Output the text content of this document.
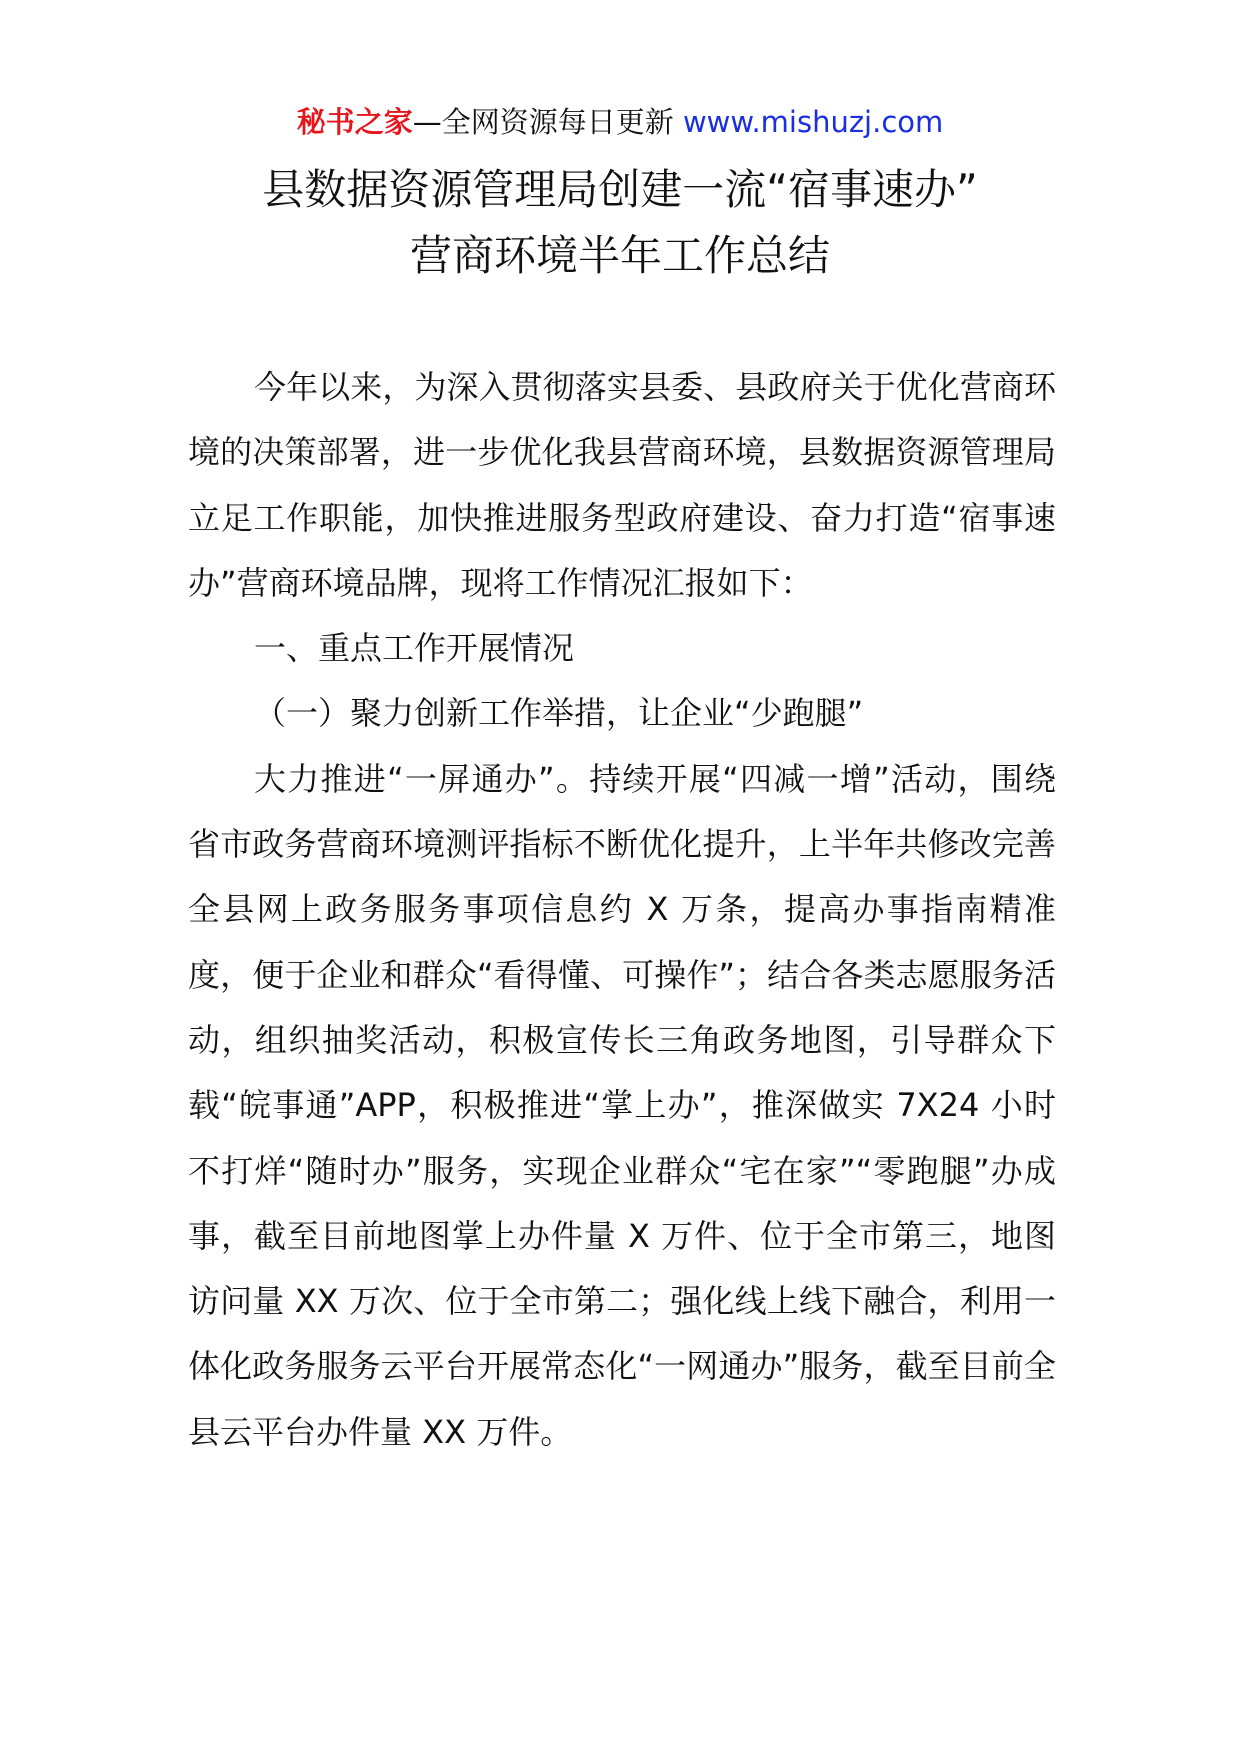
秘书之家—全网资源每日更新 www.mishuzj.com
县数据资源管理局创建一流“宿事速办”
营商环境半年工作总结

今年以来，为深入贯彻落实县委、县政府关于优化营商环境的决策部署，进一步优化我县营商环境，县数据资源管理局立足工作职能，加快推进服务型政府建设、奋力打造“宿事速办”营商环境品牌，现将工作情况汇报如下：

一、重点工作开展情况

（一）聚力创新工作举措，让企业“少跑腿”

大力推进“一屏通办”。持续开展“四减一增”活动，围绕省市政务营商环境测评指标不断优化提升，上半年共修改完善全县网上政务服务事项信息约 X 万条，提高办事指南精准度，便于企业和群众“看得懂、可操作”；结合各类志愿服务活动，组织抽奖活动，积极宣传长三角政务地图，引导群众下载“皖事通”APP，积极推进“掌上办”，推深做实 7X24 小时不打烊“随时办”服务，实现企业群众“宅在家”“零跑腿”办成事，截至目前地图掌上办件量 X 万件、位于全市第三，地图访问量 XX 万次、位于全市第二；强化线上线下融合，利用一体化政务服务云平台开展常态化“一网通办”服务，截至目前全县云平台办件量 XX 万件。
